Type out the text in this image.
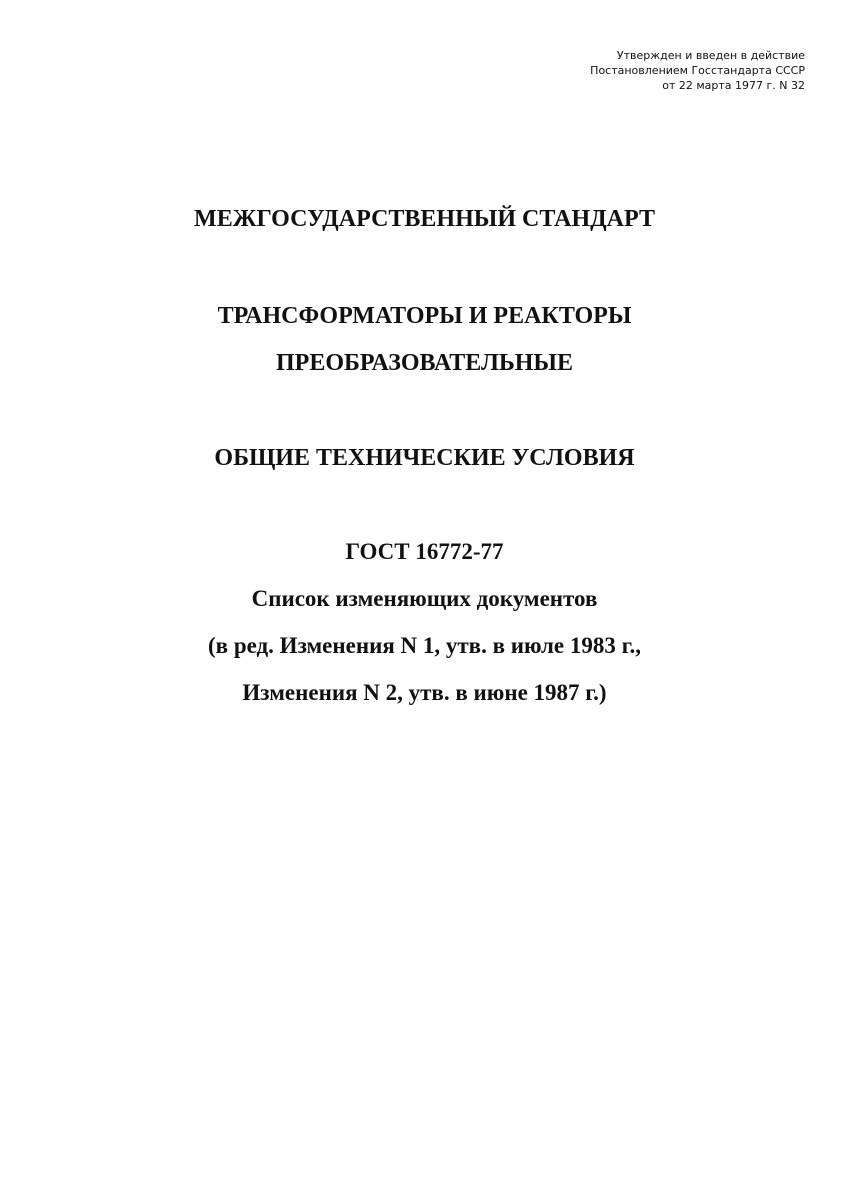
Утвержден и введен в действие
Постановлением Госстандарта СССР
от 22 марта 1977 г. N 32
МЕЖГОСУДАРСТВЕННЫЙ СТАНДАРТ
ТРАНСФОРМАТОРЫ И РЕАКТОРЫ
ПРЕОБРАЗОВАТЕЛЬНЫЕ
ОБЩИЕ ТЕХНИЧЕСКИЕ УСЛОВИЯ
ГОСТ 16772-77
Список изменяющих документов
(в ред. Изменения N 1, утв. в июле 1983 г.,
Изменения N 2, утв. в июне 1987 г.)
